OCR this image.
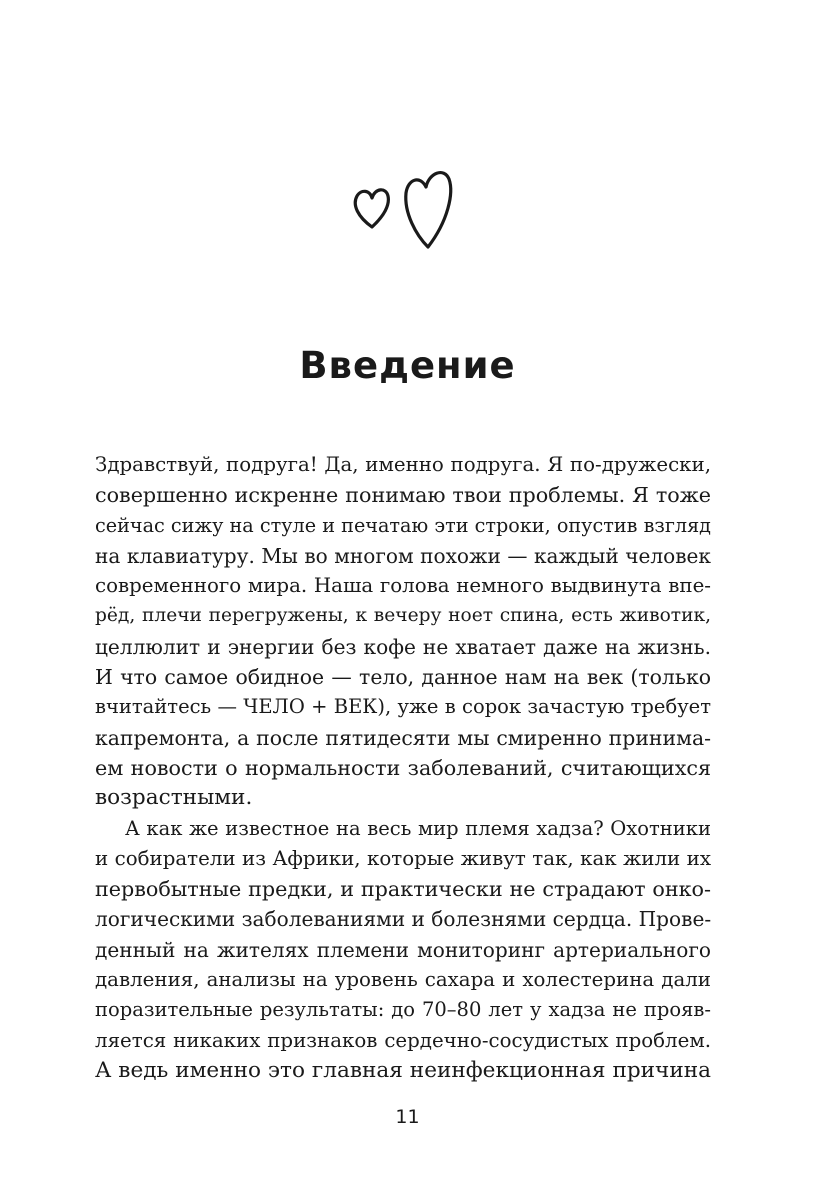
Введение

Здравствуй, подруга! Да, именно подруга. Я по-дружески,

совершенно искренне понимаю твои проблемы. Я тоже

сейчас сижу на стуле и печатаю эти строки, опустив взгляд

на клавиатуру. Мы во многом похожи — каждый человек

современного мира. Наша голова немного выдвинута впе-

рёд, плечи перегружены, к вечеру ноет спина, есть животик,

целлюлит и энергии без кофе не хватает даже на жизнь.

И что самое обидное — тело, данное нам на век (только

вчитайтесь — ЧЕЛО + ВЕК), уже в сорок зачастую требует

капремонта, а после пятидесяти мы смиренно принима-

ем новости о нормальности заболеваний, считающихся

возрастными.

А как же известное на весь мир племя хадза? Охотники

и собиратели из Африки, которые живут так, как жили их

первобытные предки, и практически не страдают онко-

логическими заболеваниями и болезнями сердца. Прове-

денный на жителях племени мониторинг артериального

давления, анализы на уровень сахара и холестерина дали

поразительные результаты: до 70–80 лет у хадза не прояв-

ляется никаких признаков сердечно-сосудистых проблем.

А ведь именно это главная неинфекционная причина

11
